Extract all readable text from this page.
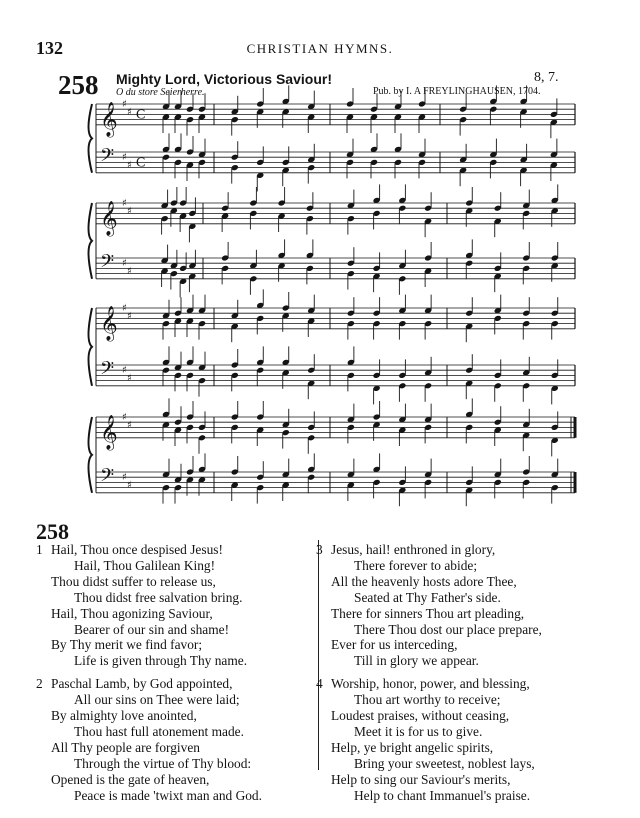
132	CHRISTIAN HYMNS.
258 Mighty Lord, Victorious Saviour!
O du store Seierherre.
8, 7.
Pub. by I. A FREYLINGHAUSEN, 1704.
𝄞
𝄢
♯
♯
♯
♯
C
C
𝄞
𝄢
♯
♯
♯
♯
𝄞
𝄢
♯
♯
♯
♯
𝄞
𝄢
♯
♯
♯
♯
258
1 Hail, Thou once despised Jesus!
Hail, Thou Galilean King!
Thou didst suffer to release us,
Thou didst free salvation bring.
Hail, Thou agonizing Saviour,
Bearer of our sin and shame!
By Thy merit we find favor;
Life is given through Thy name.
2 Paschal Lamb, by God appointed,
All our sins on Thee were laid;
By almighty love anointed,
Thou hast full atonement made.
All Thy people are forgiven
Through the virtue of Thy blood:
Opened is the gate of heaven,
Peace is made 'twixt man and God.
3 Jesus, hail! enthroned in glory,
There forever to abide;
All the heavenly hosts adore Thee,
Seated at Thy Father's side.
There for sinners Thou art pleading,
There Thou dost our place prepare,
Ever for us interceding,
Till in glory we appear.
4 Worship, honor, power, and blessing,
Thou art worthy to receive;
Loudest praises, without ceasing,
Meet it is for us to give.
Help, ye bright angelic spirits,
Bring your sweetest, noblest lays,
Help to sing our Saviour's merits,
Help to chant Immanuel's praise.
